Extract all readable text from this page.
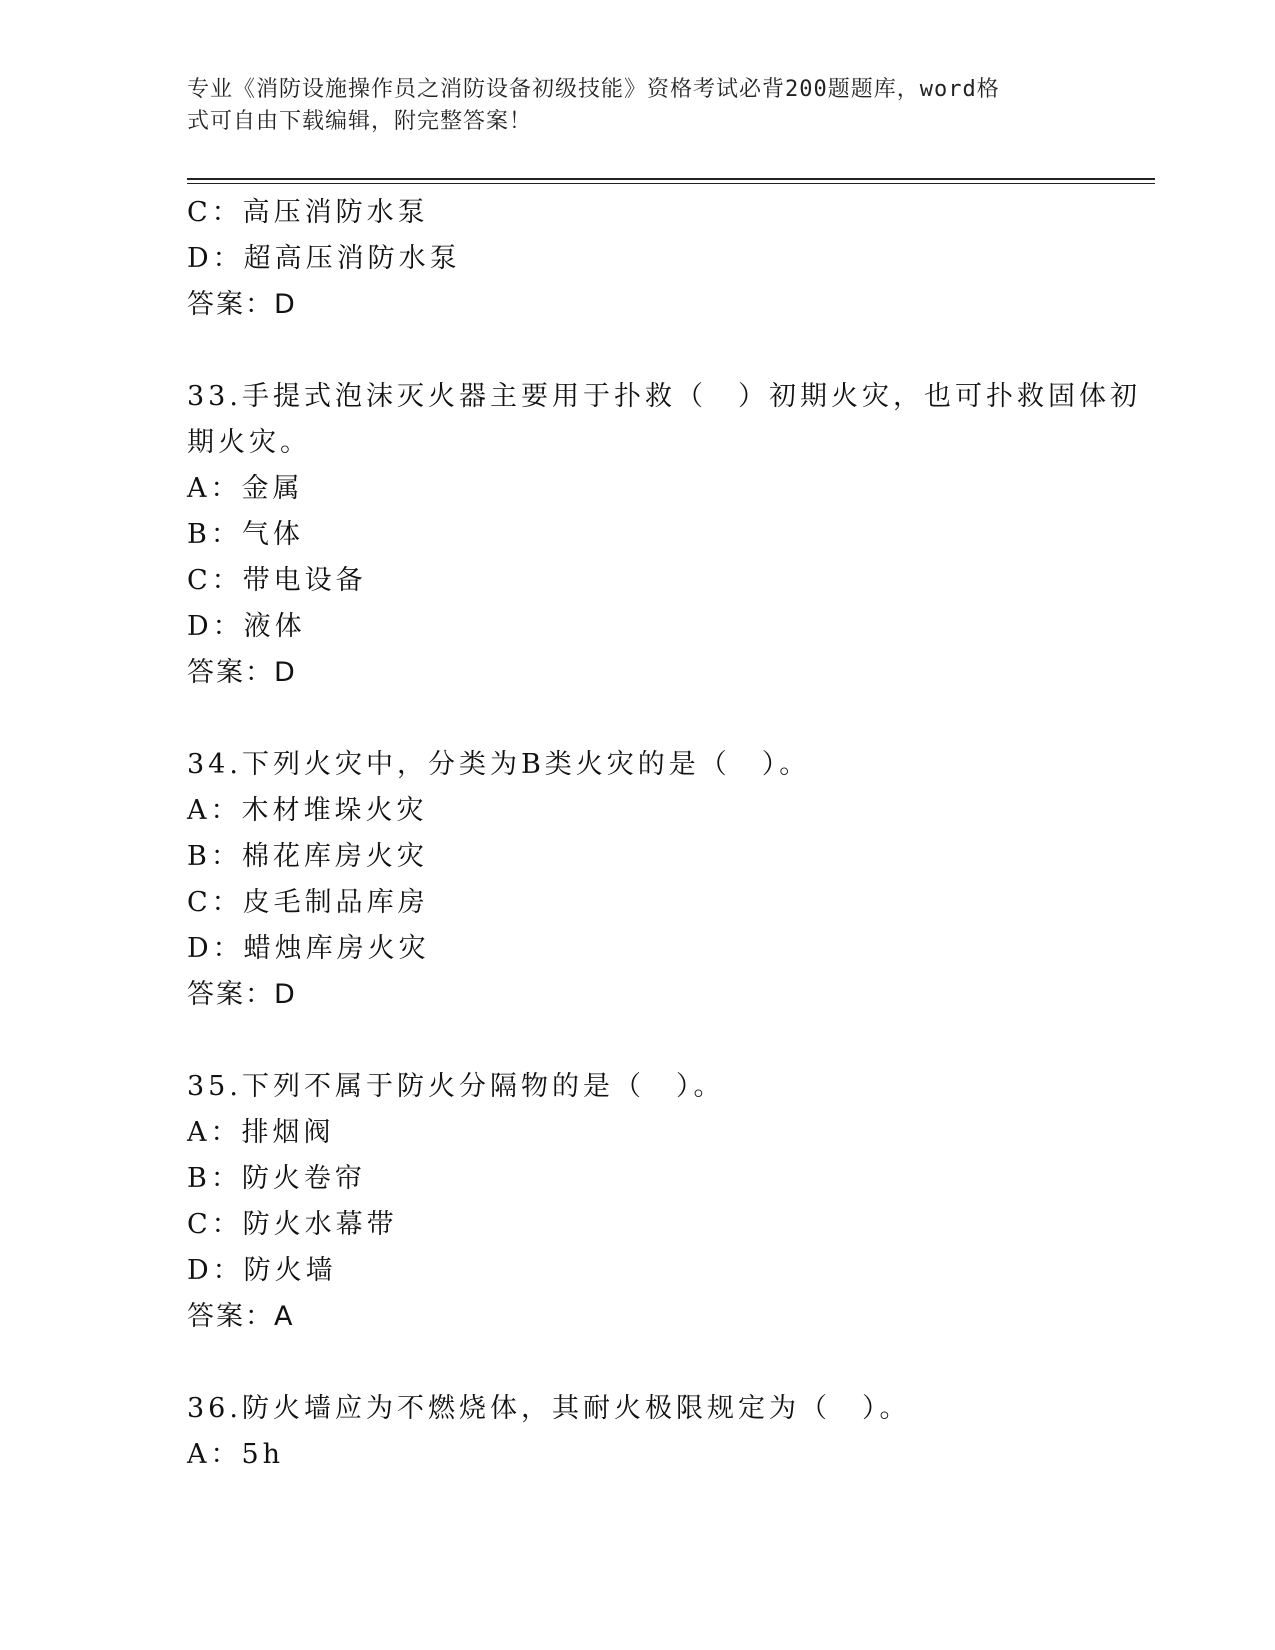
专业《消防设施操作员之消防设备初级技能》资格考试必背200题题库，word格
式可自由下载编辑，附完整答案！
C：高压消防水泵
D：超高压消防水泵
答案：D
33.手提式泡沫灭火器主要用于扑救（　）初期火灾，也可扑救固体初
期火灾。
A：金属
B：气体
C：带电设备
D：液体
答案：D
34.下列火灾中，分类为B类火灾的是（　）。
A：木材堆垛火灾
B：棉花库房火灾
C：皮毛制品库房
D：蜡烛库房火灾
答案：D
35.下列不属于防火分隔物的是（　）。
A：排烟阀
B：防火卷帘
C：防火水幕带
D：防火墙
答案：A
36.防火墙应为不燃烧体，其耐火极限规定为（　）。
A：5h
